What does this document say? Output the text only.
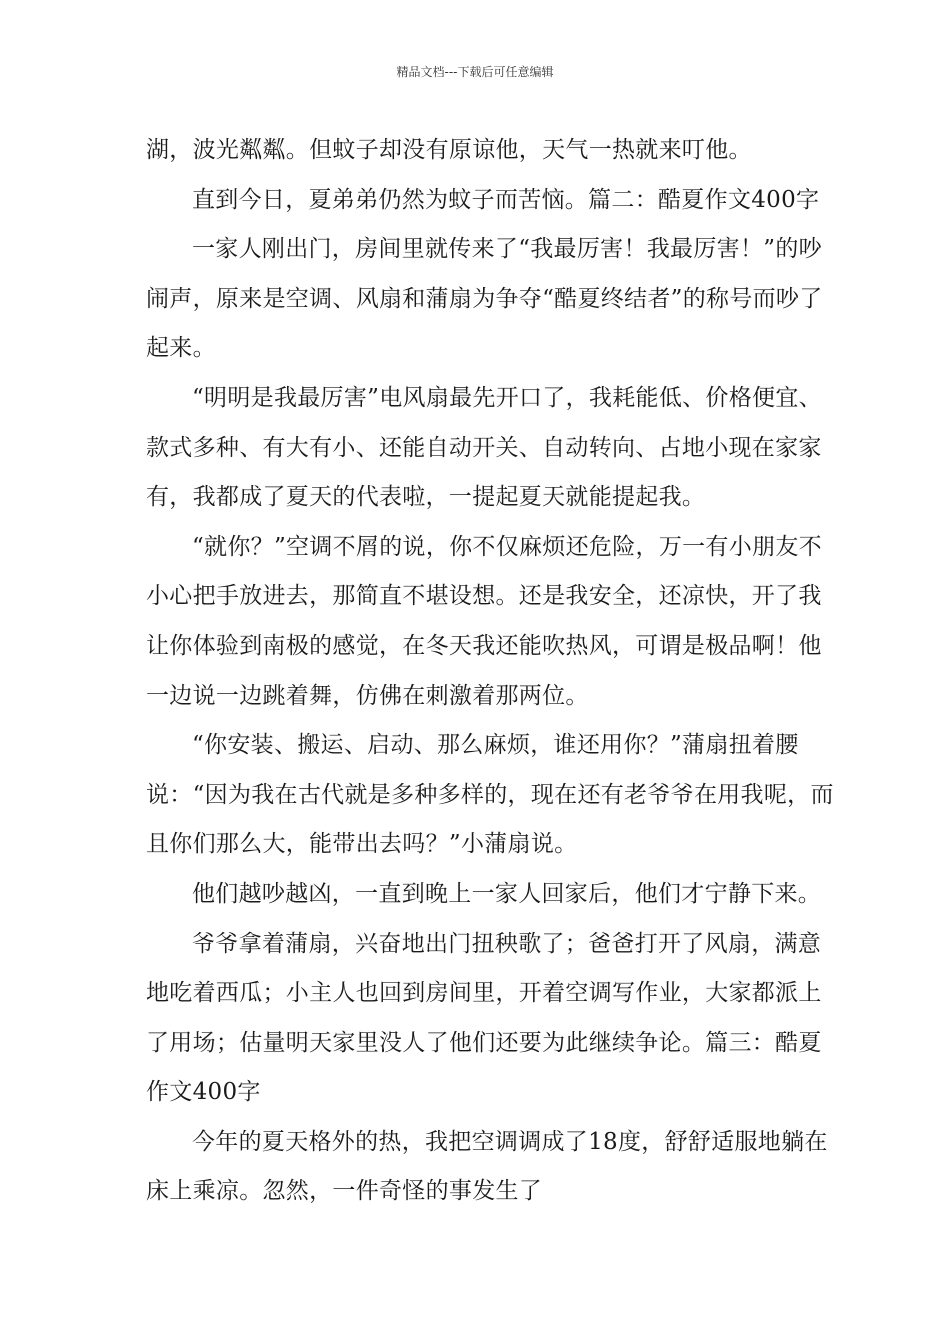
精品文档---下载后可任意编辑

湖，波光粼粼。但蚊子却没有原谅他，天气一热就来叮他。

直到今日，夏弟弟仍然为蚊子而苦恼。篇二：酷夏作文400字

一家人刚出门，房间里就传来了“我最厉害！我最厉害！”的吵闹声，原来是空调、风扇和蒲扇为争夺“酷夏终结者”的称号而吵了起来。

“明明是我最厉害”电风扇最先开口了，我耗能低、价格便宜、款式多种、有大有小、还能自动开关、自动转向、占地小现在家家有，我都成了夏天的代表啦，一提起夏天就能提起我。

“就你？”空调不屑的说，你不仅麻烦还危险，万一有小朋友不小心把手放进去，那简直不堪设想。还是我安全，还凉快，开了我让你体验到南极的感觉，在冬天我还能吹热风，可谓是极品啊！他一边说一边跳着舞，仿佛在刺激着那两位。

“你安装、搬运、启动、那么麻烦，谁还用你？”蒲扇扭着腰说：“因为我在古代就是多种多样的，现在还有老爷爷在用我呢，而且你们那么大，能带出去吗？”小蒲扇说。

他们越吵越凶，一直到晚上一家人回家后，他们才宁静下来。

爷爷拿着蒲扇，兴奋地出门扭秧歌了；爸爸打开了风扇，满意地吃着西瓜；小主人也回到房间里，开着空调写作业，大家都派上了用场；估量明天家里没人了他们还要为此继续争论。篇三：酷夏作文400字

今年的夏天格外的热，我把空调调成了18度，舒舒适服地躺在床上乘凉。忽然，一件奇怪的事发生了
